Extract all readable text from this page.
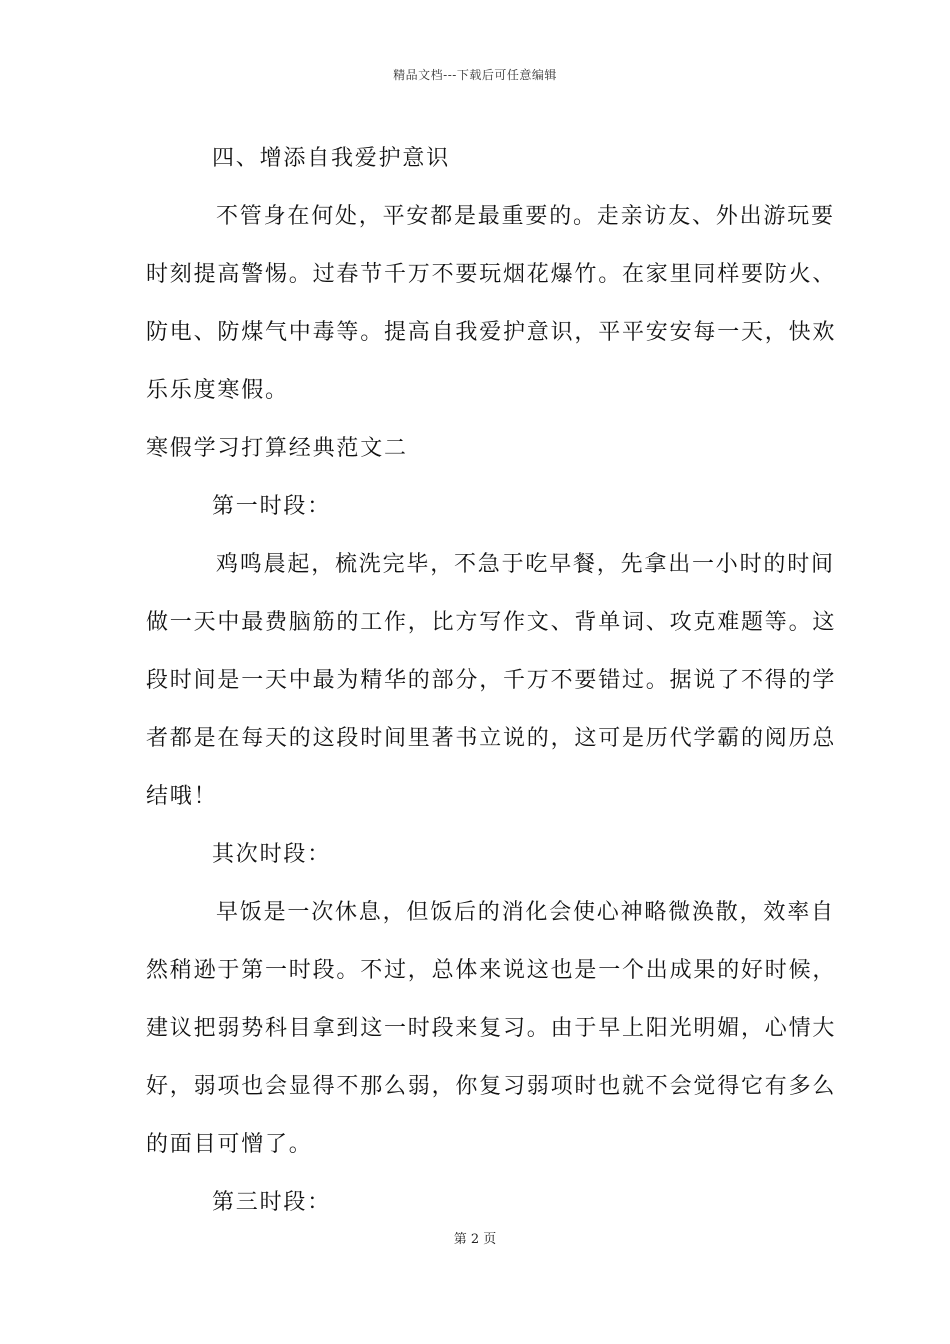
精品文档---下载后可任意编辑
四、增添自我爱护意识
不管身在何处，平安都是最重要的。走亲访友、外出游玩要
时刻提高警惕。过春节千万不要玩烟花爆竹。在家里同样要防火、
防电、防煤气中毒等。提高自我爱护意识，平平安安每一天，快欢
乐乐度寒假。
寒假学习打算经典范文二
第一时段：
鸡鸣晨起，梳洗完毕，不急于吃早餐，先拿出一小时的时间
做一天中最费脑筋的工作，比方写作文、背单词、攻克难题等。这
段时间是一天中最为精华的部分，千万不要错过。据说了不得的学
者都是在每天的这段时间里著书立说的，这可是历代学霸的阅历总
结哦！
其次时段：
早饭是一次休息，但饭后的消化会使心神略微涣散，效率自
然稍逊于第一时段。不过，总体来说这也是一个出成果的好时候，
建议把弱势科目拿到这一时段来复习。由于早上阳光明媚，心情大
好，弱项也会显得不那么弱，你复习弱项时也就不会觉得它有多么
的面目可憎了。
第三时段：
第 2 页
